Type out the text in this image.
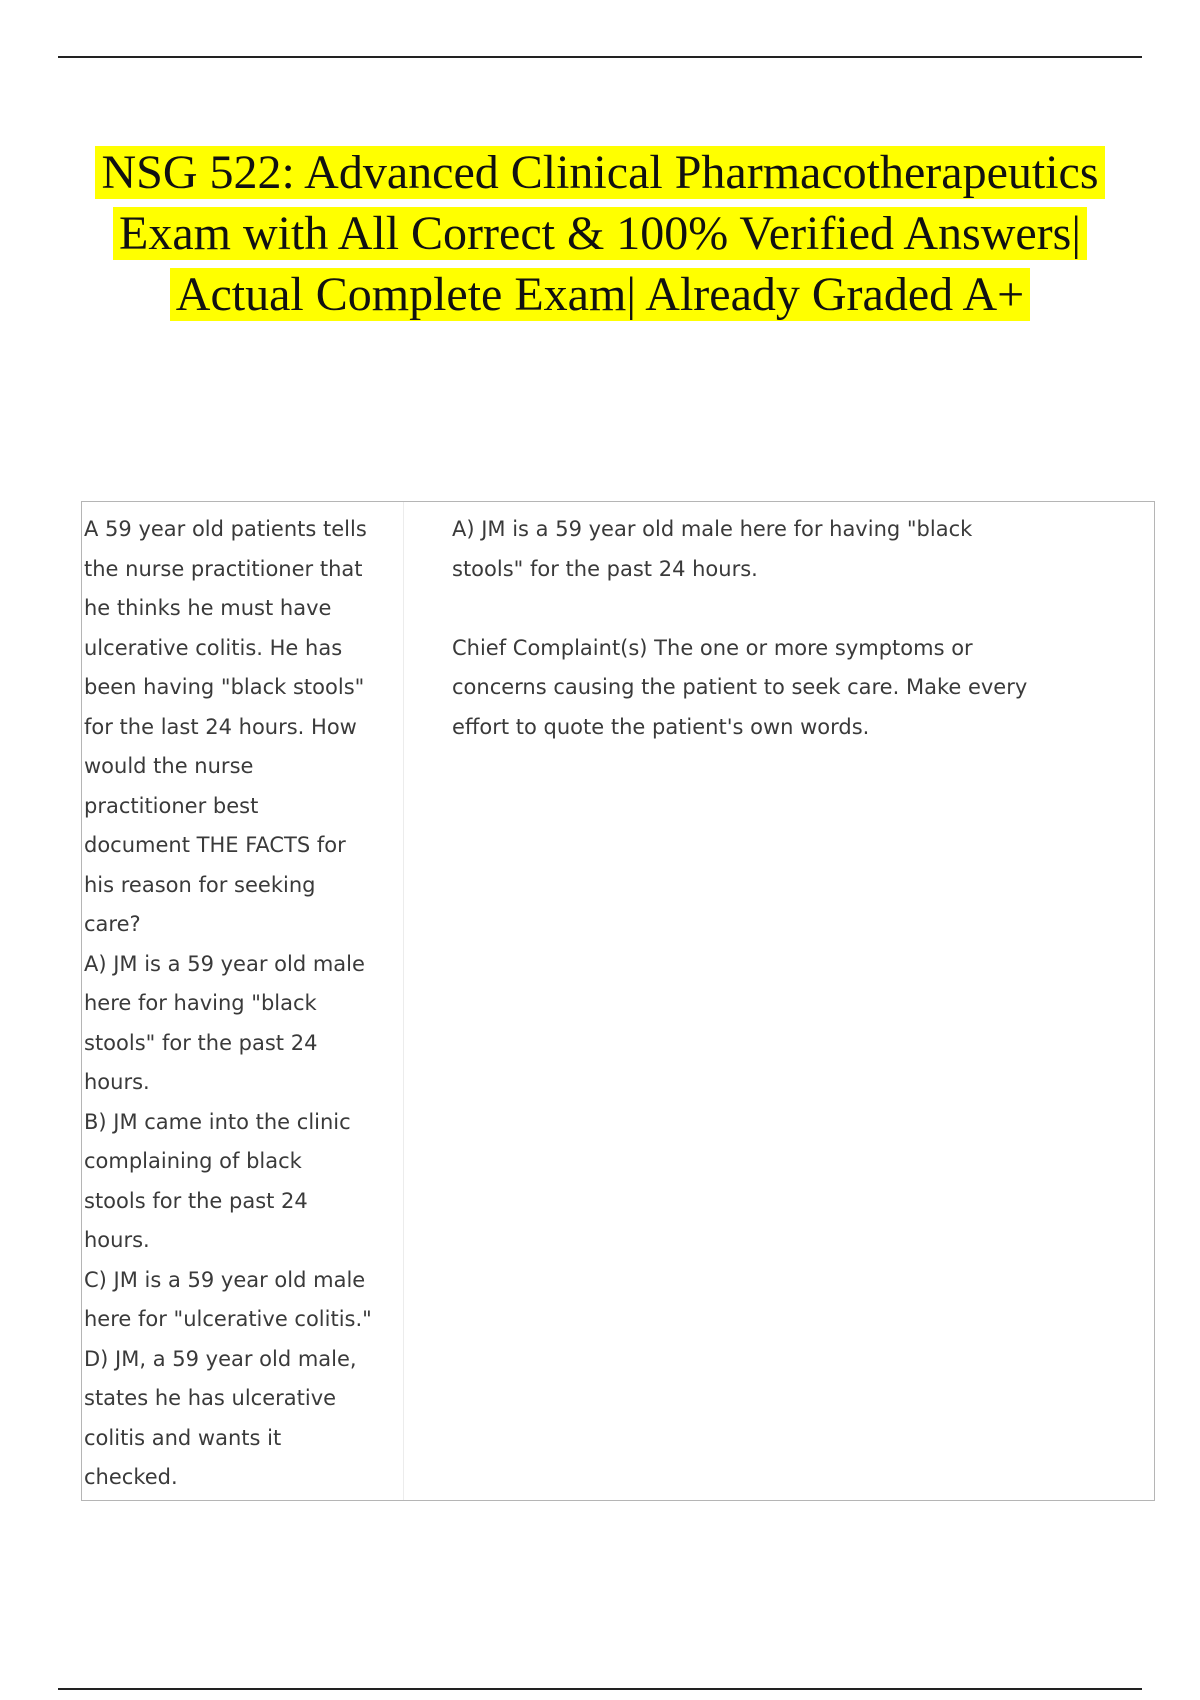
NSG 522: Advanced Clinical Pharmacotherapeutics
Exam with All Correct & 100% Verified Answers|
Actual Complete Exam| Already Graded A+

A 59 year old patients tells

the nurse practitioner that

he thinks he must have

ulcerative colitis. He has

been having "black stools"

for the last 24 hours. How

would the nurse

practitioner best

document THE FACTS for

his reason for seeking

care?

A) JM is a 59 year old male

here for having "black

stools" for the past 24

hours.

B) JM came into the clinic

complaining of black

stools for the past 24

hours.

C) JM is a 59 year old male

here for "ulcerative colitis."

D) JM, a 59 year old male,

states he has ulcerative

colitis and wants it

checked.

A) JM is a 59 year old male here for having "black

stools" for the past 24 hours.

Chief Complaint(s) The one or more symptoms or

concerns causing the patient to seek care. Make every

effort to quote the patient's own words.
